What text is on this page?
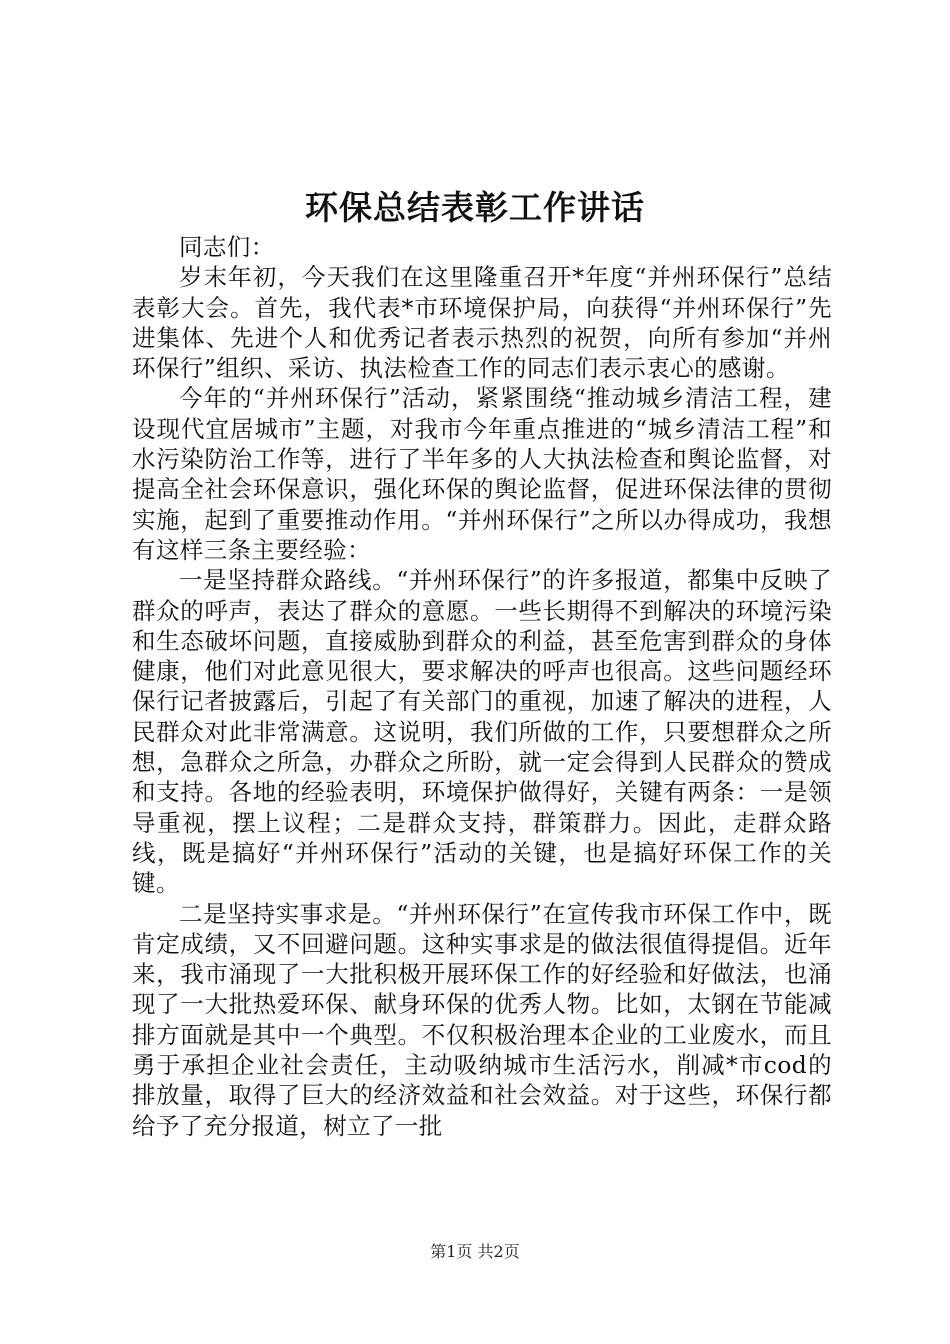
环保总结表彰工作讲话

同志们：

岁末年初，今天我们在这里隆重召开*年度“并州环保行”总结表彰大会。首先，我代表*市环境保护局，向获得“并州环保行”先进集体、先进个人和优秀记者表示热烈的祝贺，向所有参加“并州环保行”组织、采访、执法检查工作的同志们表示衷心的感谢。

今年的“并州环保行”活动，紧紧围绕“推动城乡清洁工程，建设现代宜居城市”主题，对我市今年重点推进的“城乡清洁工程”和水污染防治工作等，进行了半年多的人大执法检查和舆论监督，对提高全社会环保意识，强化环保的舆论监督，促进环保法律的贯彻实施，起到了重要推动作用。“并州环保行”之所以办得成功，我想有这样三条主要经验：

一是坚持群众路线。“并州环保行”的许多报道，都集中反映了群众的呼声，表达了群众的意愿。一些长期得不到解决的环境污染和生态破坏问题，直接威胁到群众的利益，甚至危害到群众的身体健康，他们对此意见很大，要求解决的呼声也很高。这些问题经环保行记者披露后，引起了有关部门的重视，加速了解决的进程，人民群众对此非常满意。这说明，我们所做的工作，只要想群众之所想，急群众之所急，办群众之所盼，就一定会得到人民群众的赞成和支持。各地的经验表明，环境保护做得好，关键有两条：一是领导重视，摆上议程；二是群众支持，群策群力。因此，走群众路线，既是搞好“并州环保行”活动的关键，也是搞好环保工作的关键。

二是坚持实事求是。“并州环保行”在宣传我市环保工作中，既肯定成绩，又不回避问题。这种实事求是的做法很值得提倡。近年来，我市涌现了一大批积极开展环保工作的好经验和好做法，也涌现了一大批热爱环保、献身环保的优秀人物。比如，太钢在节能减排方面就是其中一个典型。不仅积极治理本企业的工业废水，而且勇于承担企业社会责任，主动吸纳城市生活污水，削减*市cod的排放量，取得了巨大的经济效益和社会效益。对于这些，环保行都给予了充分报道，树立了一批

第1页 共2页
